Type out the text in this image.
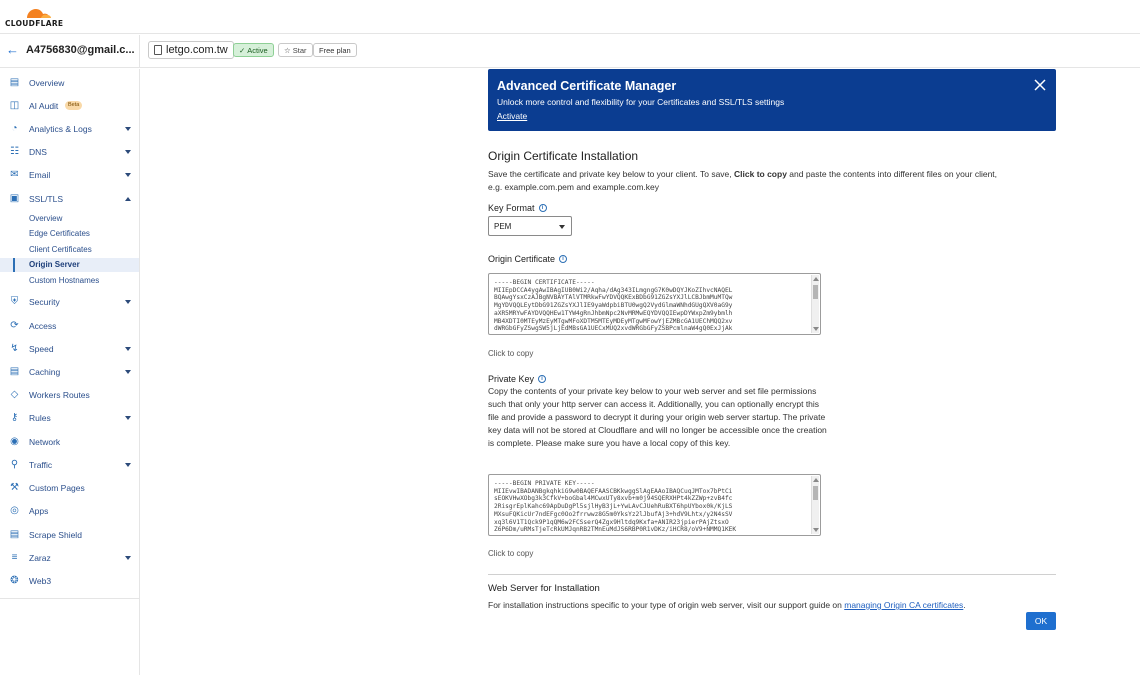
CLOUDFLARE
← A4756830@gmail.c...	letgo.com.tw ✓ Active ☆ Star Free plan
▤ Overview
◫ AI Audit	Beta
◔ Analytics & Logs
☷ DNS
✉ Email
▣ SSL/TLS
Overview
Edge Certificates
Client Certificates
Origin Server
Custom Hostnames
⛨ Security
⟳ Access
↯ Speed
▤ Caching
◇ Workers Routes
⚷ Rules
◉ Network
⚲ Traffic
⚒ Custom Pages
◎ Apps
▤ Scrape Shield
≡	Zaraz
❂ Web3
Advanced Certificate Manager
Unlock more control and flexibility for your Certificates and SSL/TLS settings
Activate
Origin Certificate Installation
Save the certificate and private key below to your client. To save, Click to copy and paste the contents into different files on your client,
e.g. example.com.pem and example.com.key
Key Format	i
PEM
Origin Certificate	i
-----BEGIN CERTIFICATE-----
MIIEpDCCA4ygAwIBAgIUB0Wi2/Aqha/dAg343ILmgngG7K0wDQYJKoZIhvcNAQEL
BQAwgYsxCzAJBgNVBAYTAlVTMRkwFwYDVQQKExBDbG91ZGZsYXJlLCBJbmMuMTQw
MgYDVQQLEytDbG91ZGZsYXJlIE9yaWdpbiBTU0wgQ2VydGlmaWNhdGUgQXV0aG9y
aXR5MRYwFAYDVQQHEw1TYW4gRnJhbmNpc2NvMRMwEQYDVQQIEwpDYWxpZm9ybmlh
MB4XDTI0MTEyMzEyMTgwMFoXDTM5MTEyMDEyMTgwMFowYjEZMBcGA1UEChMQQ2xv
dWRGbGFyZSwgSW5jLjEdMBsGA1UECxMUQ2xvdWRGbGFyZSBPcmlnaW4gQ0ExJjAk
Click to copy
Private Key	i
Copy the contents of your private key below to your web server and set file permissions such that only your http server can access it. Additionally, you can optionally encrypt this file and provide a password to decrypt it during your origin web server startup. The private key data will not be stored at Cloudflare and will no longer be accessible once the creation is complete. Please make sure you have a local copy of this key.
-----BEGIN PRIVATE KEY-----
MIIEvwIBADANBgkqhkiG9w0BAQEFAASCBKkwggSlAgEAAoIBAQCuqJMTox7bPtCi
sEOKVHwXObg3k3CfkV+boGbal4MCwxUTy8xvb+m0j94SQERXHPt4kZZWp+zvB4fc
2RisgrEplKahc69ApDuDgPl5sjlHyB3jL+YwLAvCJUehRuBXT6hpUYbox0k/KjLS
MXsuFQKicUr7ndEFgc0Oo2frrwwz8G5m0YksYz2lJbufAj3+hdV9Lhtx/y2N4sSV
xq3l6V1T1Qck9P1qQM6w2FCSserQ4Zgx9Hltdq9Kxfa+ANIR23jpierPAjZtsxO
Z6P6Dm/uRMsTjeTcRkUMJqnRB2TMnEuMdJS6RBP0R1vDKz/iHCR8/oV9+NMMQ1KEK
Click to copy
Web Server for Installation
For installation instructions specific to your type of origin web server, visit our support guide on managing Origin CA certificates.
OK
